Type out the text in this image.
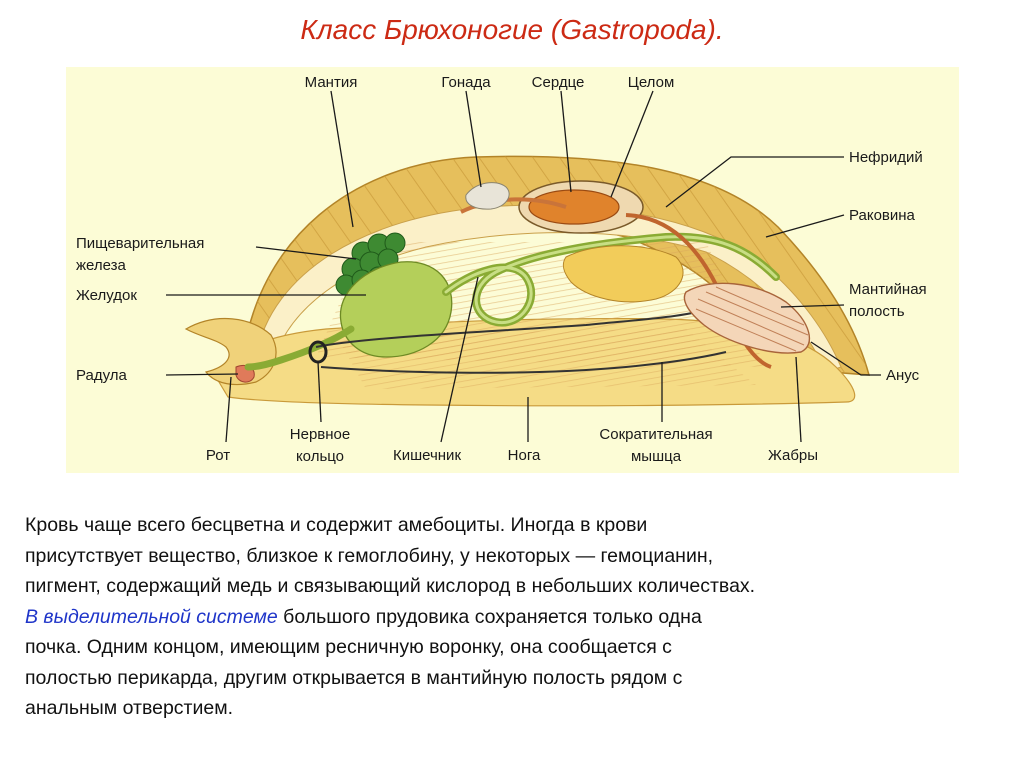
Класс Брюхоногие (Gastropoda).
Мантия	Гонада	Сердце	Целом
Нефридий
Раковина
Пищеварительная
железа
Желудок	Мантийная
полость
Радула	Анус
Рот
Нервное
кольцо	Кишечник	Нога
Сократительная
мышца	Жабры
Кровь чаще всего бесцветна и содержит амебоциты. Иногда в крови
присутствует вещество, близкое к гемоглобину, у некоторых — гемоцианин,
пигмент, содержащий медь и связывающий кислород в небольших количествах.
В выделительной системе большого прудовика сохраняется только одна
почка. Одним концом, имеющим ресничную воронку, она сообщается с
полостью перикарда, другим открывается в мантийную полость рядом с
анальным отверстием.
